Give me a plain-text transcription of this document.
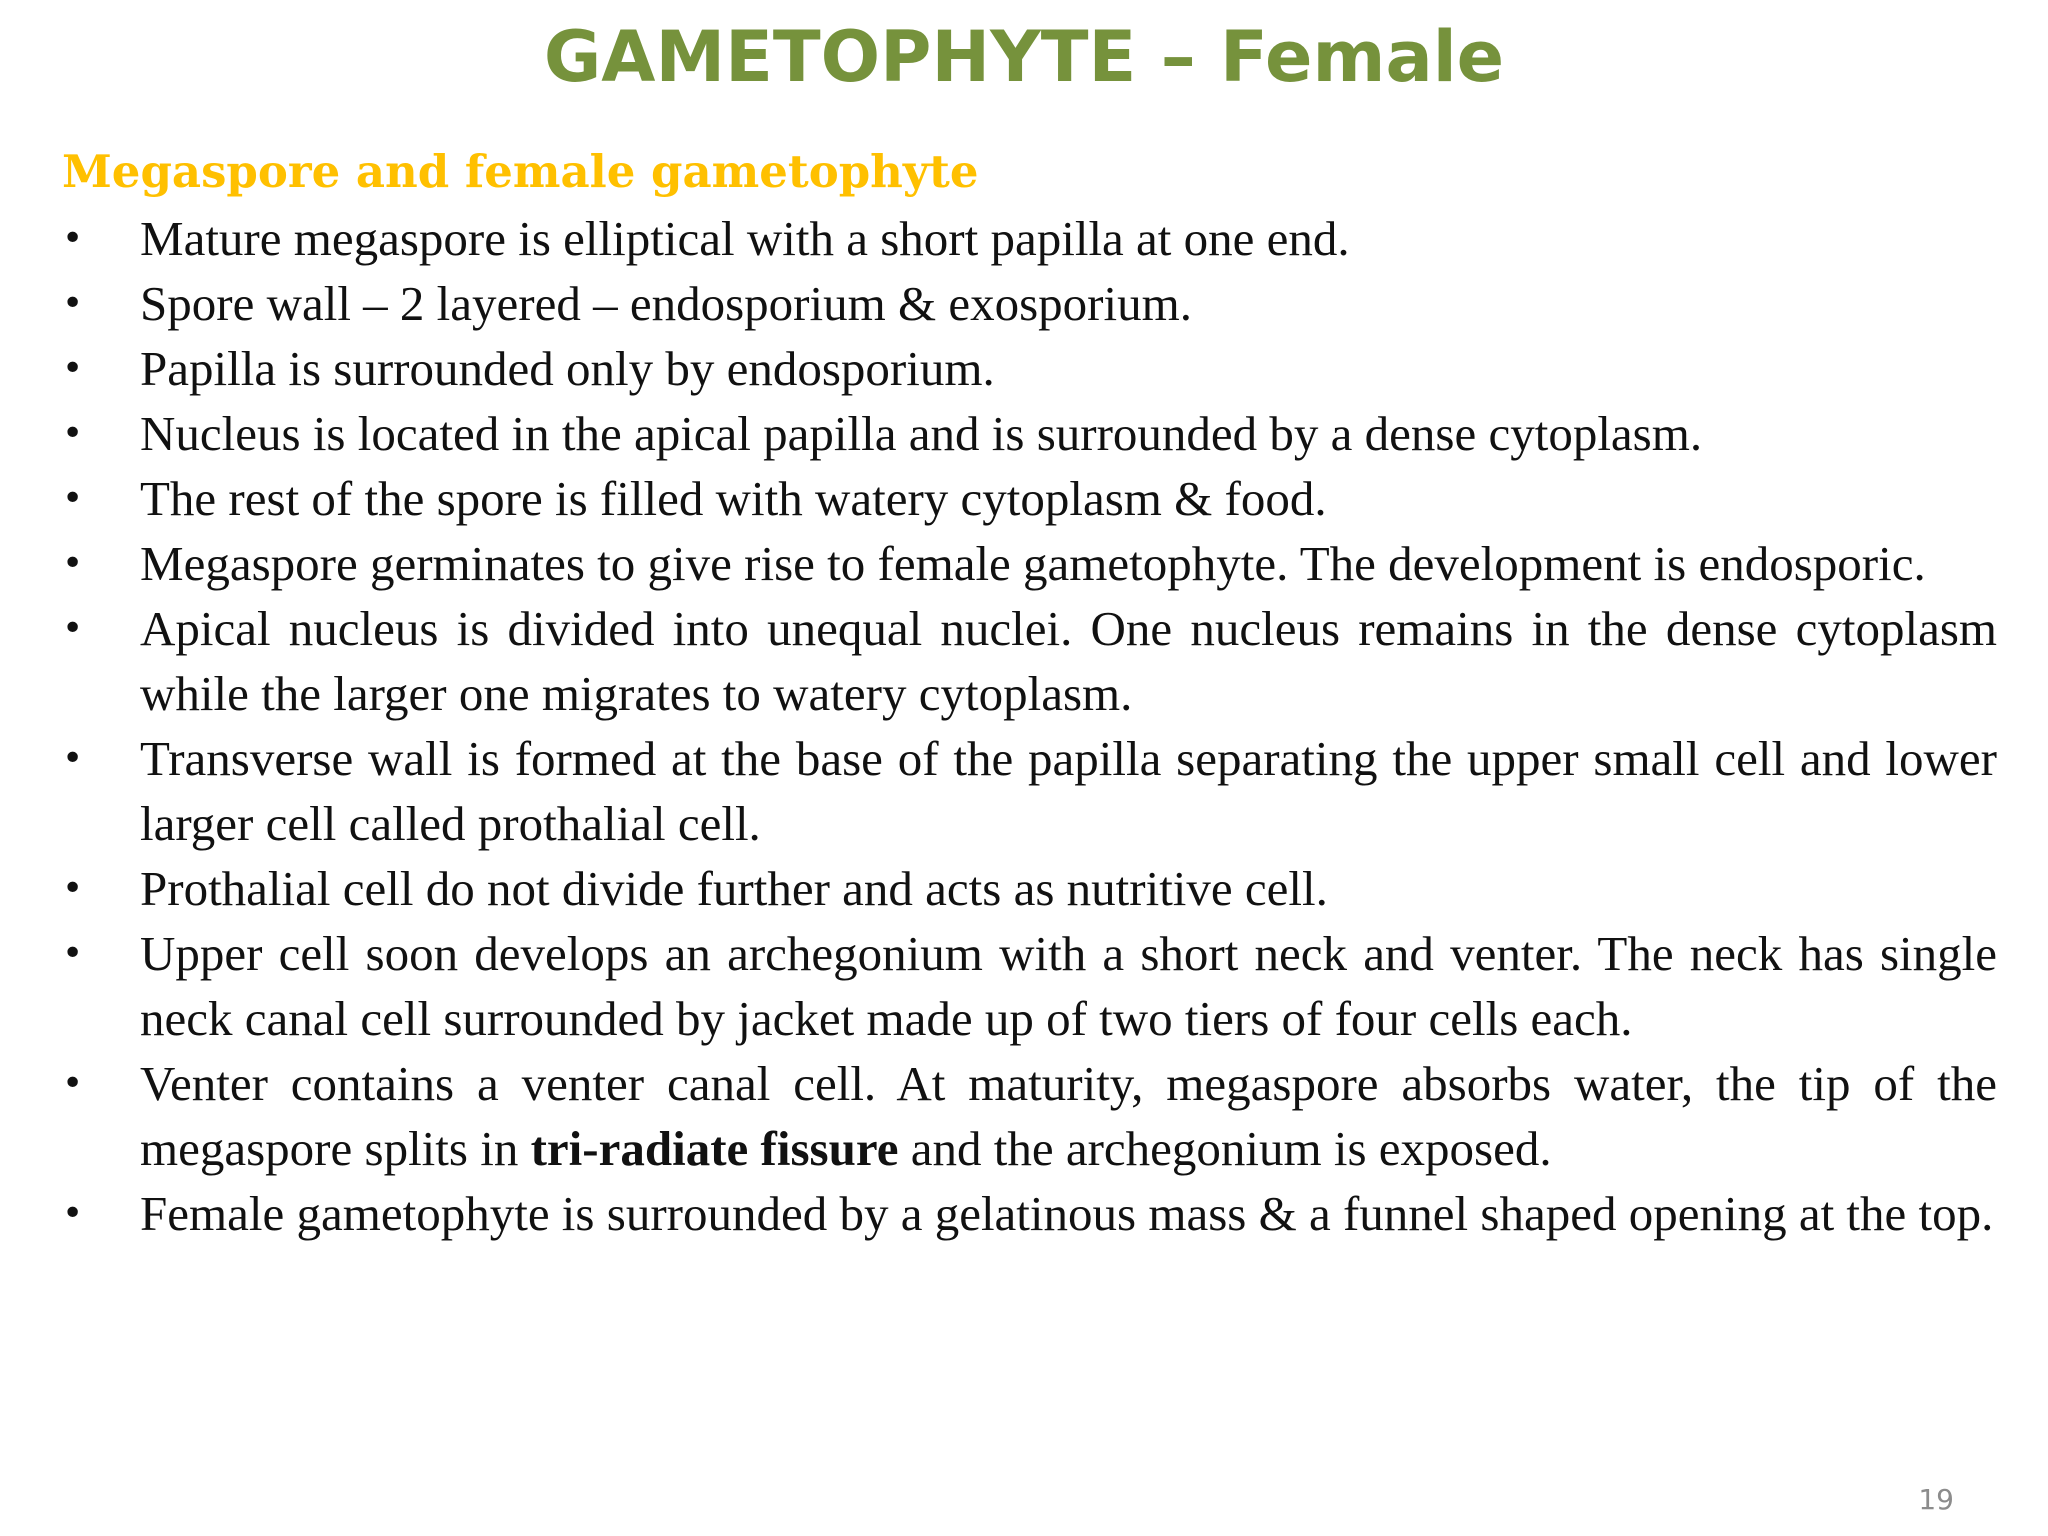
GAMETOPHYTE – Female
Megaspore and female gametophyte
•	Mature megaspore is elliptical with a short papilla at one end.
•	Spore wall – 2 layered – endosporium & exosporium.
•	Papilla is surrounded only by endosporium.
•	Nucleus is located in the apical papilla and is surrounded by a dense cytoplasm.
•	The rest of the spore is filled with watery cytoplasm & food.
•	Megaspore germinates to give rise to female gametophyte. The development is endosporic.
•	Apical nucleus is divided into unequal nuclei. One nucleus remains in the dense cytoplasm while the larger one migrates to watery cytoplasm.
•	Transverse wall is formed at the base of the papilla separating the upper small cell and lower larger cell called prothalial cell.
•	Prothalial cell do not divide further and acts as nutritive cell.
•	Upper cell soon develops an archegonium with a short neck and venter. The neck has single neck canal cell surrounded by jacket made up of two tiers of four cells each.
•	Venter contains a venter canal cell. At maturity, megaspore absorbs water, the tip of the megaspore splits in tri-radiate fissure and the archegonium is exposed.
•	Female gametophyte is surrounded by a gelatinous mass & a funnel shaped opening at the top.
19
